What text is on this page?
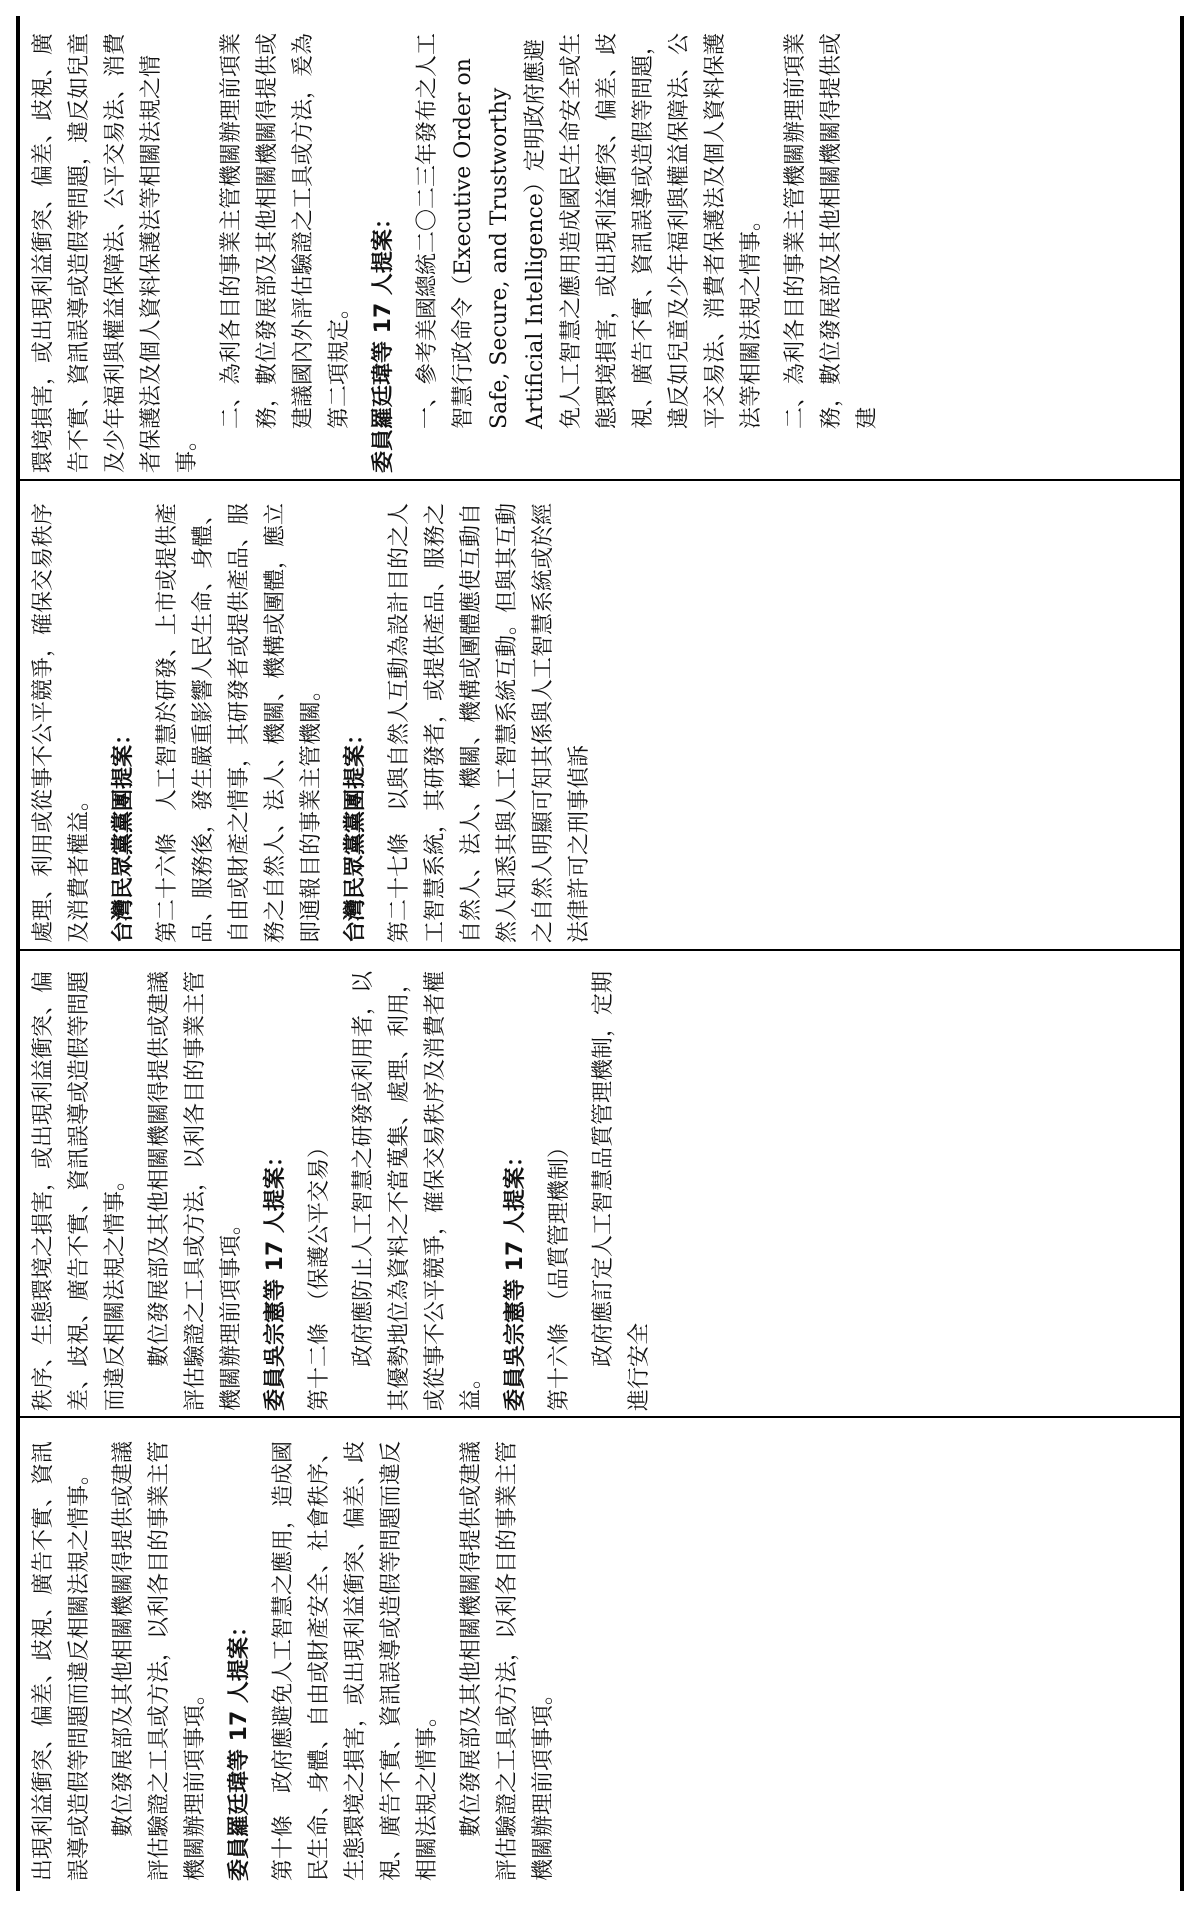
出現利益衝突、偏差、歧視、廣告不實、資訊誤導或造假等問題而違反相關法規之情事。 數位發展部及其他相關機關得提供或建議評估驗證之工具或方法，以利各目的事業主管機關辦理前項事項。 委員羅廷瑋等 17 人提案： 第十條　政府應避免人工智慧之應用，造成國民生命、身體、自由或財產安全、社會秩序、生態環境之損害，或出現利益衝突、偏差、歧視、廣告不實、資訊誤導或造假等問題而違反相關法規之情事。 數位發展部及其他相關機關得提供或建議評估驗證之工具或方法，以利各目的事業主管機關辦理前項事項。

秩序、生態環境之損害，或出現利益衝突、偏差、歧視、廣告不實、資訊誤導或造假等問題而違反相關法規之情事。 數位發展部及其他相關機關得提供或建議評估驗證之工具或方法，以利各目的事業主管機關辦理前項事項。 委員吳宗憲等 17 人提案： 第十二條　（保護公平交易） 政府應防止人工智慧之研發或利用者，以其優勢地位為資料之不當蒐集、處理、利用，或從事不公平競爭，確保交易秩序及消費者權益。 委員吳宗憲等 17 人提案： 第十六條　（品質管理機制） 政府應訂定人工智慧品質管理機制，定期進行安全

處理、利用或從事不公平競爭，確保交易秩序及消費者權益。 台灣民眾黨黨團提案： 第二十六條　人工智慧於研發、上市或提供產品、服務後，發生嚴重影響人民生命、身體、自由或財產之情事，其研發者或提供產品、服務之自然人、法人、機關、機構或團體，應立即通報目的事業主管機關。 台灣民眾黨黨團提案： 第二十七條　以與自然人互動為設計目的之人工智慧系統，其研發者，或提供產品、服務之自然人、法人、機關、機構或團體應使互動自然人知悉其與人工智慧系統互動。但與其互動之自然人明顯可知其係與人工智慧系統或於經法律許可之刑事偵訴

環境損害，或出現利益衝突、偏差、歧視、廣告不實、資訊誤導或造假等問題，違反如兒童及少年福利與權益保障法、公平交易法、消費者保護法及個人資料保護法等相關法規之情事。

二、為利各目的事業主管機關辦理前項業務，數位發展部及其他相關機關得提供或建議國內外評估驗證之工具或方法，爰為第二項規定。 委員羅廷瑋等 17 人提案： 一、參考美國總統二〇二三年發布之人工智慧行政命令（Executive Order on Safe, Secure, and Trustworthy Artificial Intelligence）定明政府應避免人工智慧之應用造成國民生命安全或生態環境損害，或出現利益衝突、偏差、歧視、廣告不實、資訊誤導或造假等問題，違反如兒童及少年福利與權益保障法、公平交易法、消費者保護法及個人資料保護法等相關法規之情事。 二、為利各目的事業主管機關辦理前項業務，數位發展部及其他相關機關得提供或建
